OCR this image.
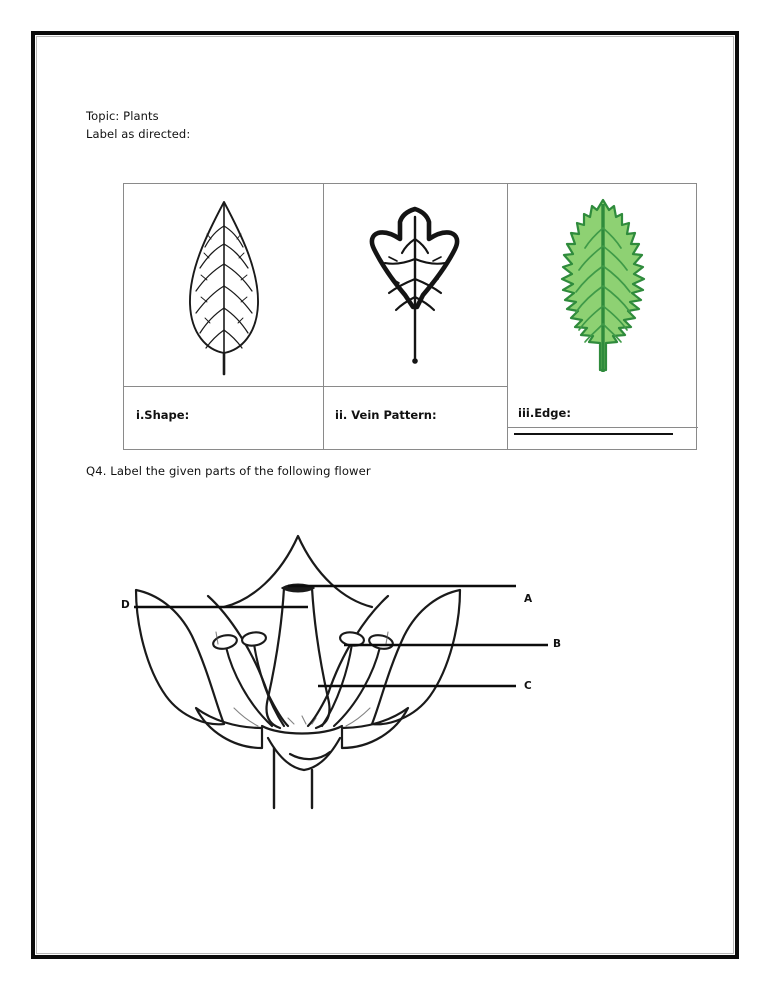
Topic: Plants
Label as directed:
i.Shape:	ii. Vein Pattern:	iii.Edge:
Q4. Label the given parts of the following flower
A
B
C
D
